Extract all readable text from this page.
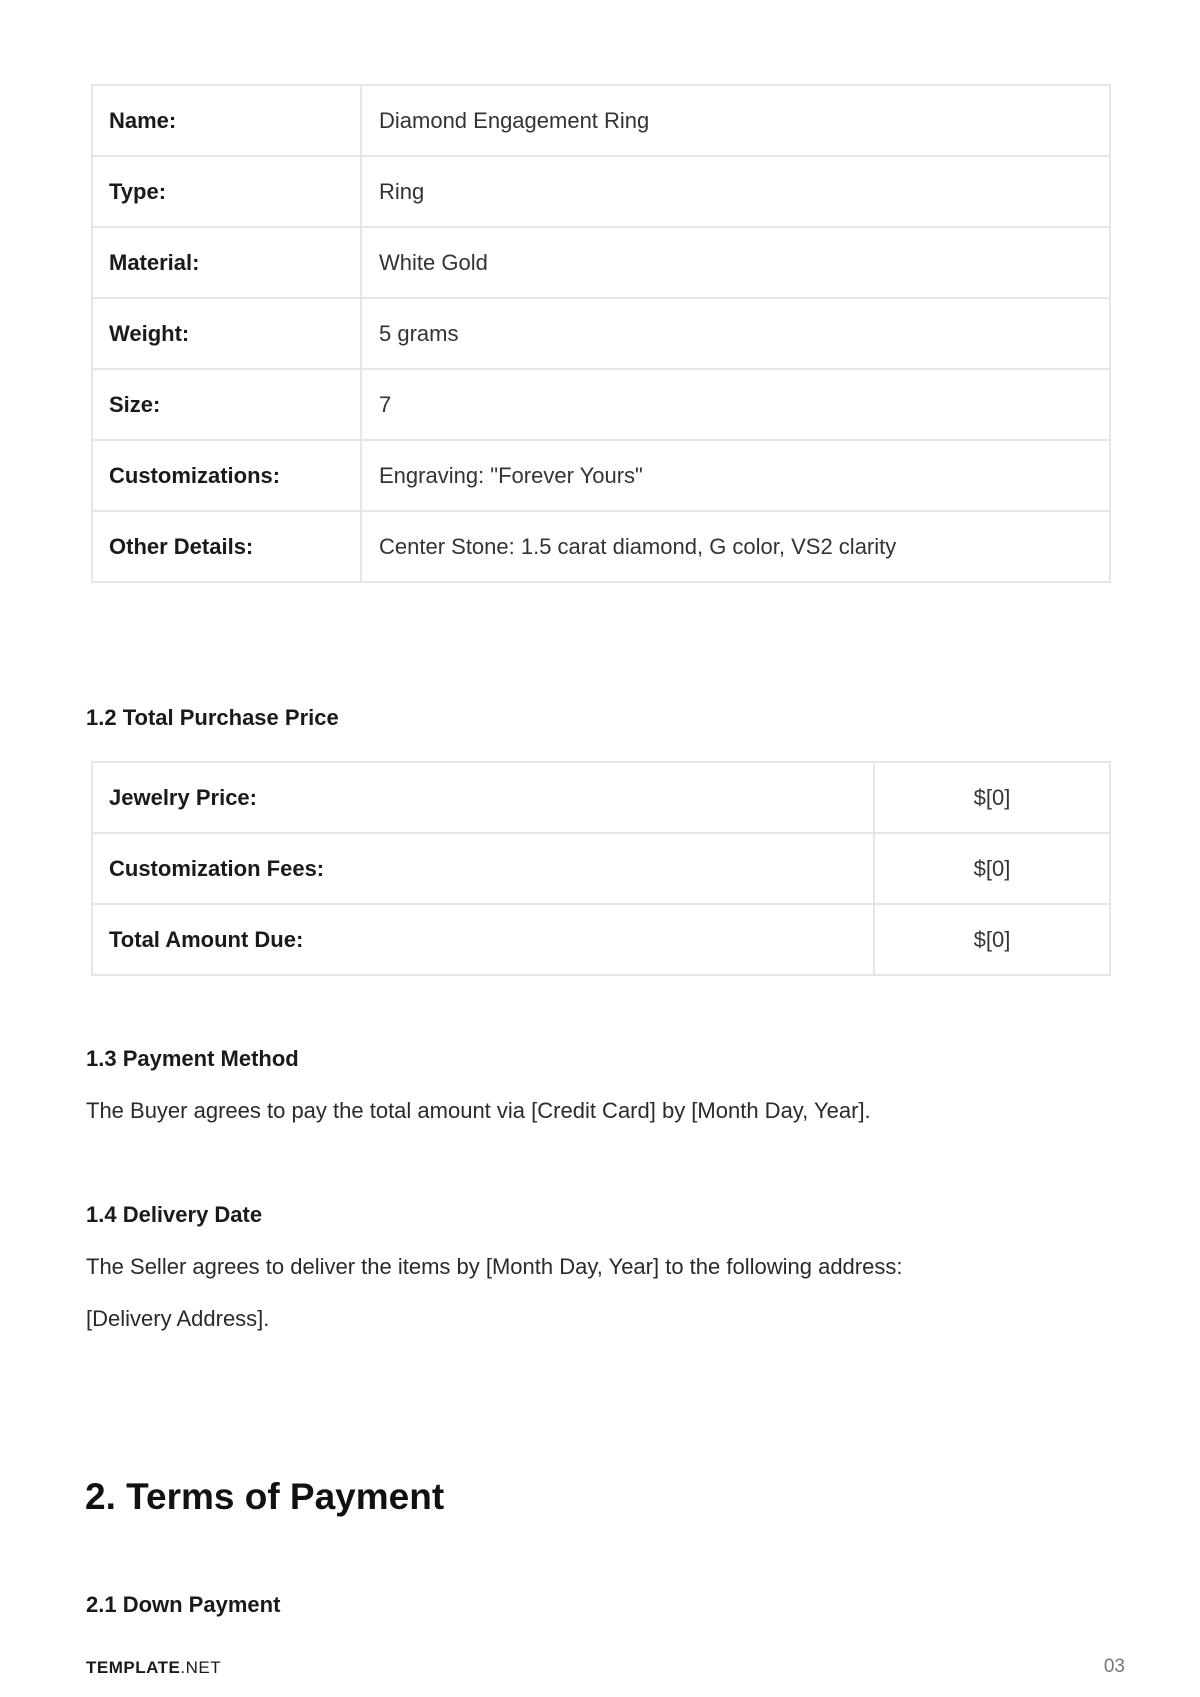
Name:	Diamond Engagement Ring
Type:	Ring
Material:	White Gold
Weight:	5 grams
Size:	7
Customizations:	Engraving: "Forever Yours"
Other Details:	Center Stone: 1.5 carat diamond, G color, VS2 clarity
1.2 Total Purchase Price
Jewelry Price:	$[0]
Customization Fees:	$[0]
Total Amount Due:	$[0]
1.3 Payment Method

The Buyer agrees to pay the total amount via [Credit Card] by [Month Day, Year].

1.4 Delivery Date

The Seller agrees to deliver the items by [Month Day, Year] to the following address:

[Delivery Address].

2. Terms of Payment
2.1 Down Payment
TEMPLATE.NET	03
